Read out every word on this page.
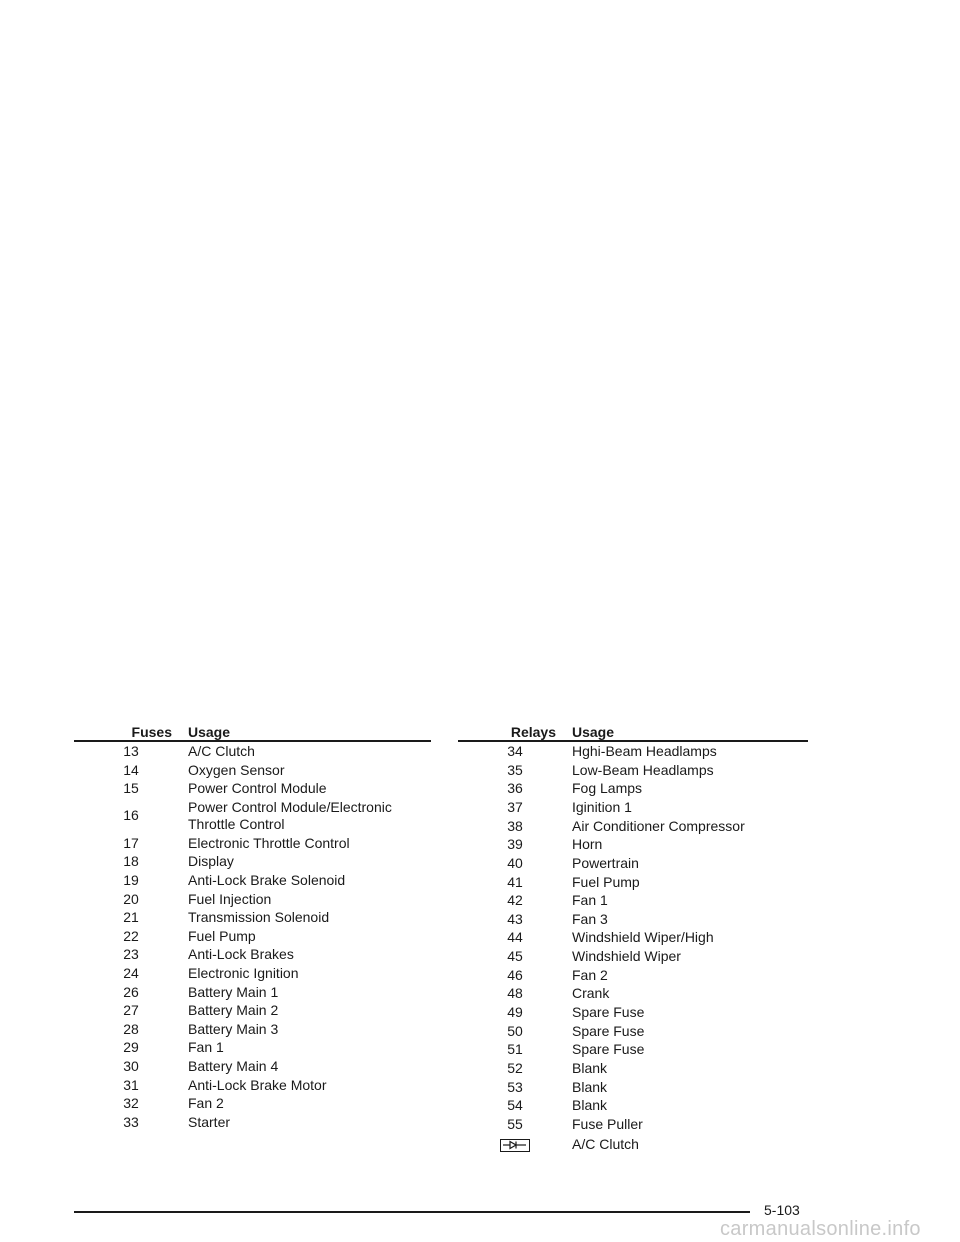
Fuses	Usage
13	A/C Clutch
14	Oxygen Sensor
15	Power Control Module
16	Power Control Module/Electronic
Throttle Control
17	Electronic Throttle Control
18	Display
19	Anti-Lock Brake Solenoid
20	Fuel Injection
21	Transmission Solenoid
22	Fuel Pump
23	Anti-Lock Brakes
24	Electronic Ignition
26	Battery Main 1
27	Battery Main 2
28	Battery Main 3
29	Fan 1
30	Battery Main 4
31	Anti-Lock Brake Motor
32	Fan 2
33	Starter
Relays	Usage
34	Hghi-Beam Headlamps
35	Low-Beam Headlamps
36	Fog Lamps
37	Iginition 1
38	Air Conditioner Compressor
39	Horn
40	Powertrain
41	Fuel Pump
42	Fan 1
43	Fan 3
44	Windshield Wiper/High
45	Windshield Wiper
46	Fan 2
48	Crank
49	Spare Fuse
50	Spare Fuse
51	Spare Fuse
52	Blank
53	Blank
54	Blank
55	Fuse Puller

	A/C Clutch
5-103
carmanualsonline.info
